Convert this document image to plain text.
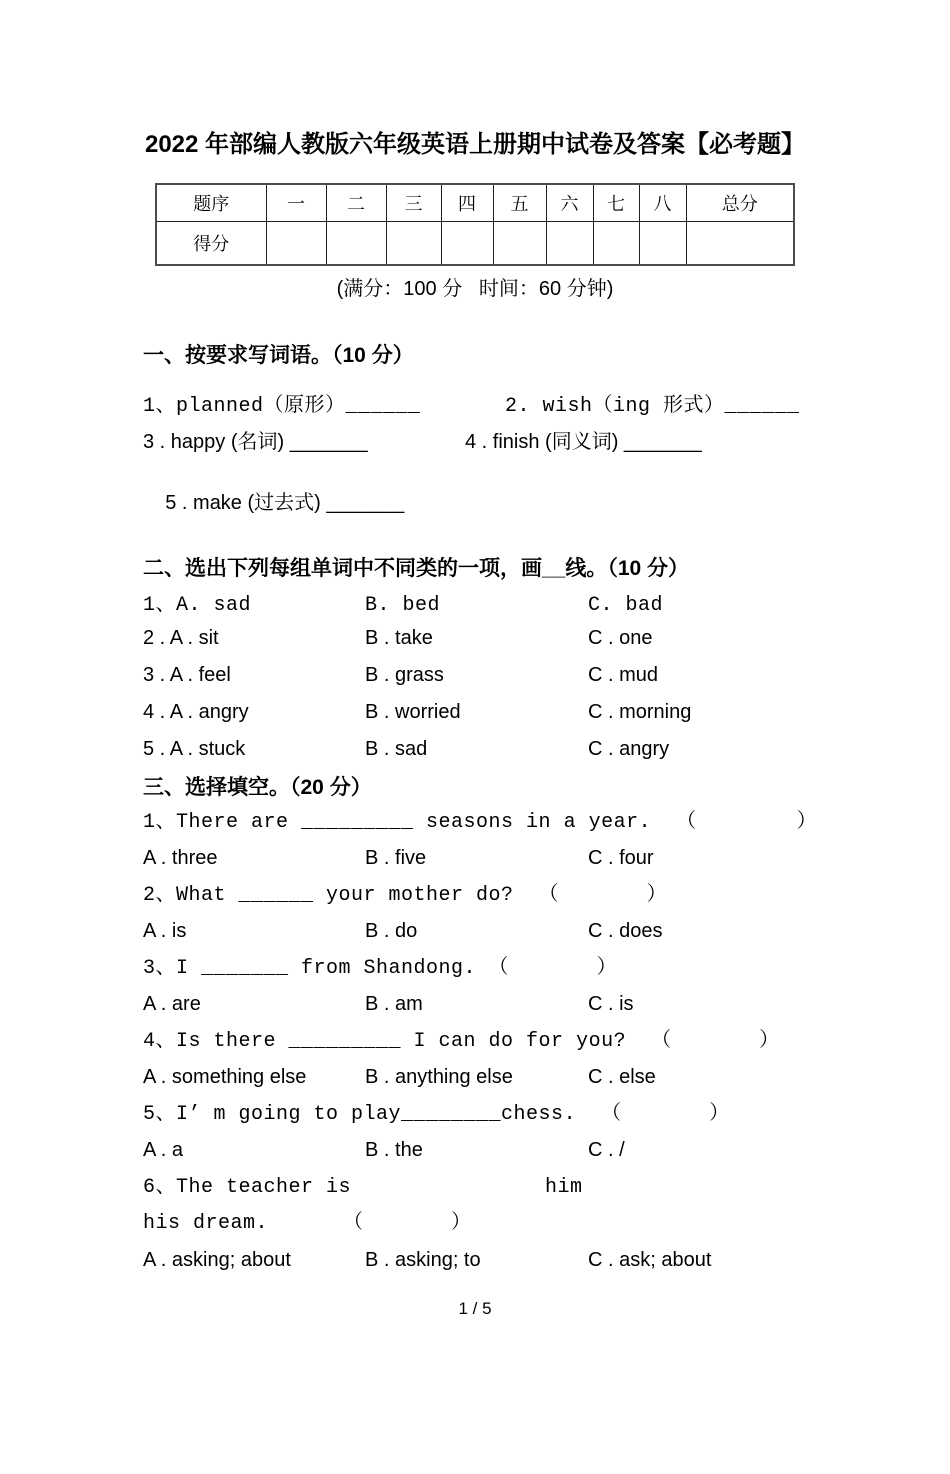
2022 年部编人教版六年级英语上册期中试卷及答案【必考题】
题序	一	二	三	四	五	六	七	八	总分
得分									
(满分：100 分   时间：60 分钟)
一、按要求写词语。（10 分）
1、planned（原形）______	2. wish（ing 形式）______
3 . happy (名词) _______	4 . finish (同义词) _______

5 . make (过去式) _______

二、选出下列每组单词中不同类的一项，画__线。（10 分）
1、A. sad	B. bed	C. bad
2 . A . sit	B . take	C . one
3 . A . feel	B . grass	C . mud
4 . A . angry	B . worried	C . morning
5 . A . stuck	B . sad	C . angry
三、选择填空。（20 分）
1、There are _________ seasons in a year.  （        ）
A . three	B . five	C . four
2、What ______ your mother do?  （       ）
A . is	B . do	C . does
3、I _______ from Shandong. （       ）
A . are	B . am	C . is
4、Is there _________ I can do for you?  （       ）
A . something else	B . anything else	C . else
5、I’ m going to play________chess.  （       ）
A . a	B . the	C . /
6、The teacher is	him
his dream.      （       ）
A . asking; about	B . asking; to	C . ask; about
1 / 5
